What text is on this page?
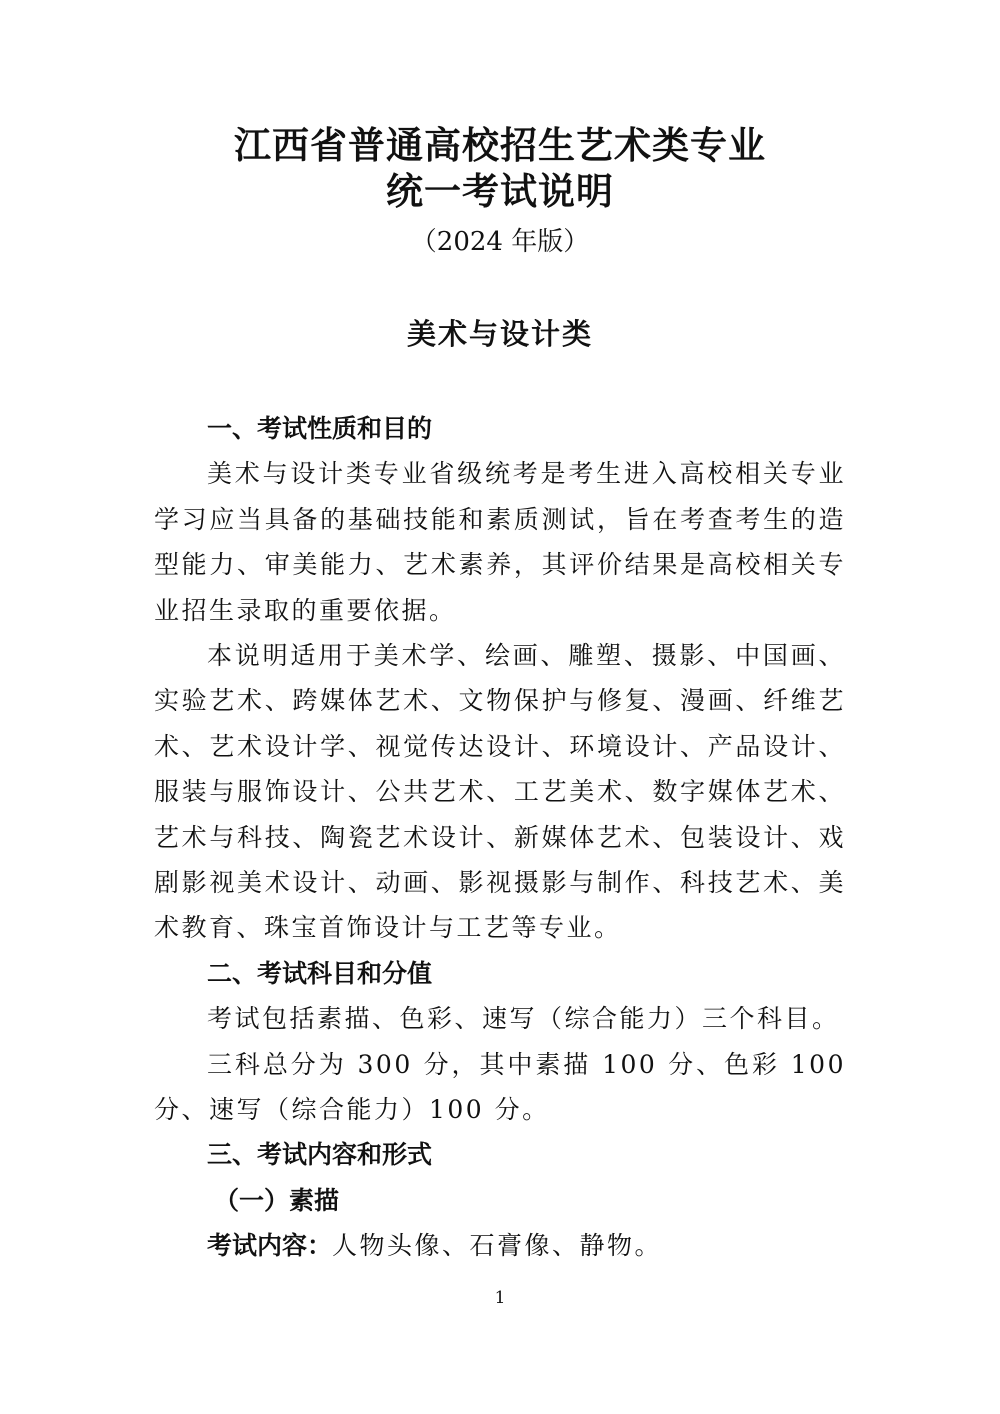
江西省普通高校招生艺术类专业
统一考试说明
（2024 年版）
美术与设计类
一、考试性质和目的

美术与设计类专业省级统考是考生进入高校相关专业学习应当具备的基础技能和素质测试，旨在考查考生的造型能力、审美能力、艺术素养，其评价结果是高校相关专业招生录取的重要依据。

本说明适用于美术学、绘画、雕塑、摄影、中国画、实验艺术、跨媒体艺术、文物保护与修复、漫画、纤维艺术、艺术设计学、视觉传达设计、环境设计、产品设计、服装与服饰设计、公共艺术、工艺美术、数字媒体艺术、艺术与科技、陶瓷艺术设计、新媒体艺术、包装设计、戏剧影视美术设计、动画、影视摄影与制作、科技艺术、美术教育、珠宝首饰设计与工艺等专业。

二、考试科目和分值

考试包括素描、色彩、速写（综合能力）三个科目。

三科总分为 300 分，其中素描 100 分、色彩 100 分、速写（综合能力）100 分。

三、考试内容和形式
（一）素描
考试内容：人物头像、石膏像、静物。
1
